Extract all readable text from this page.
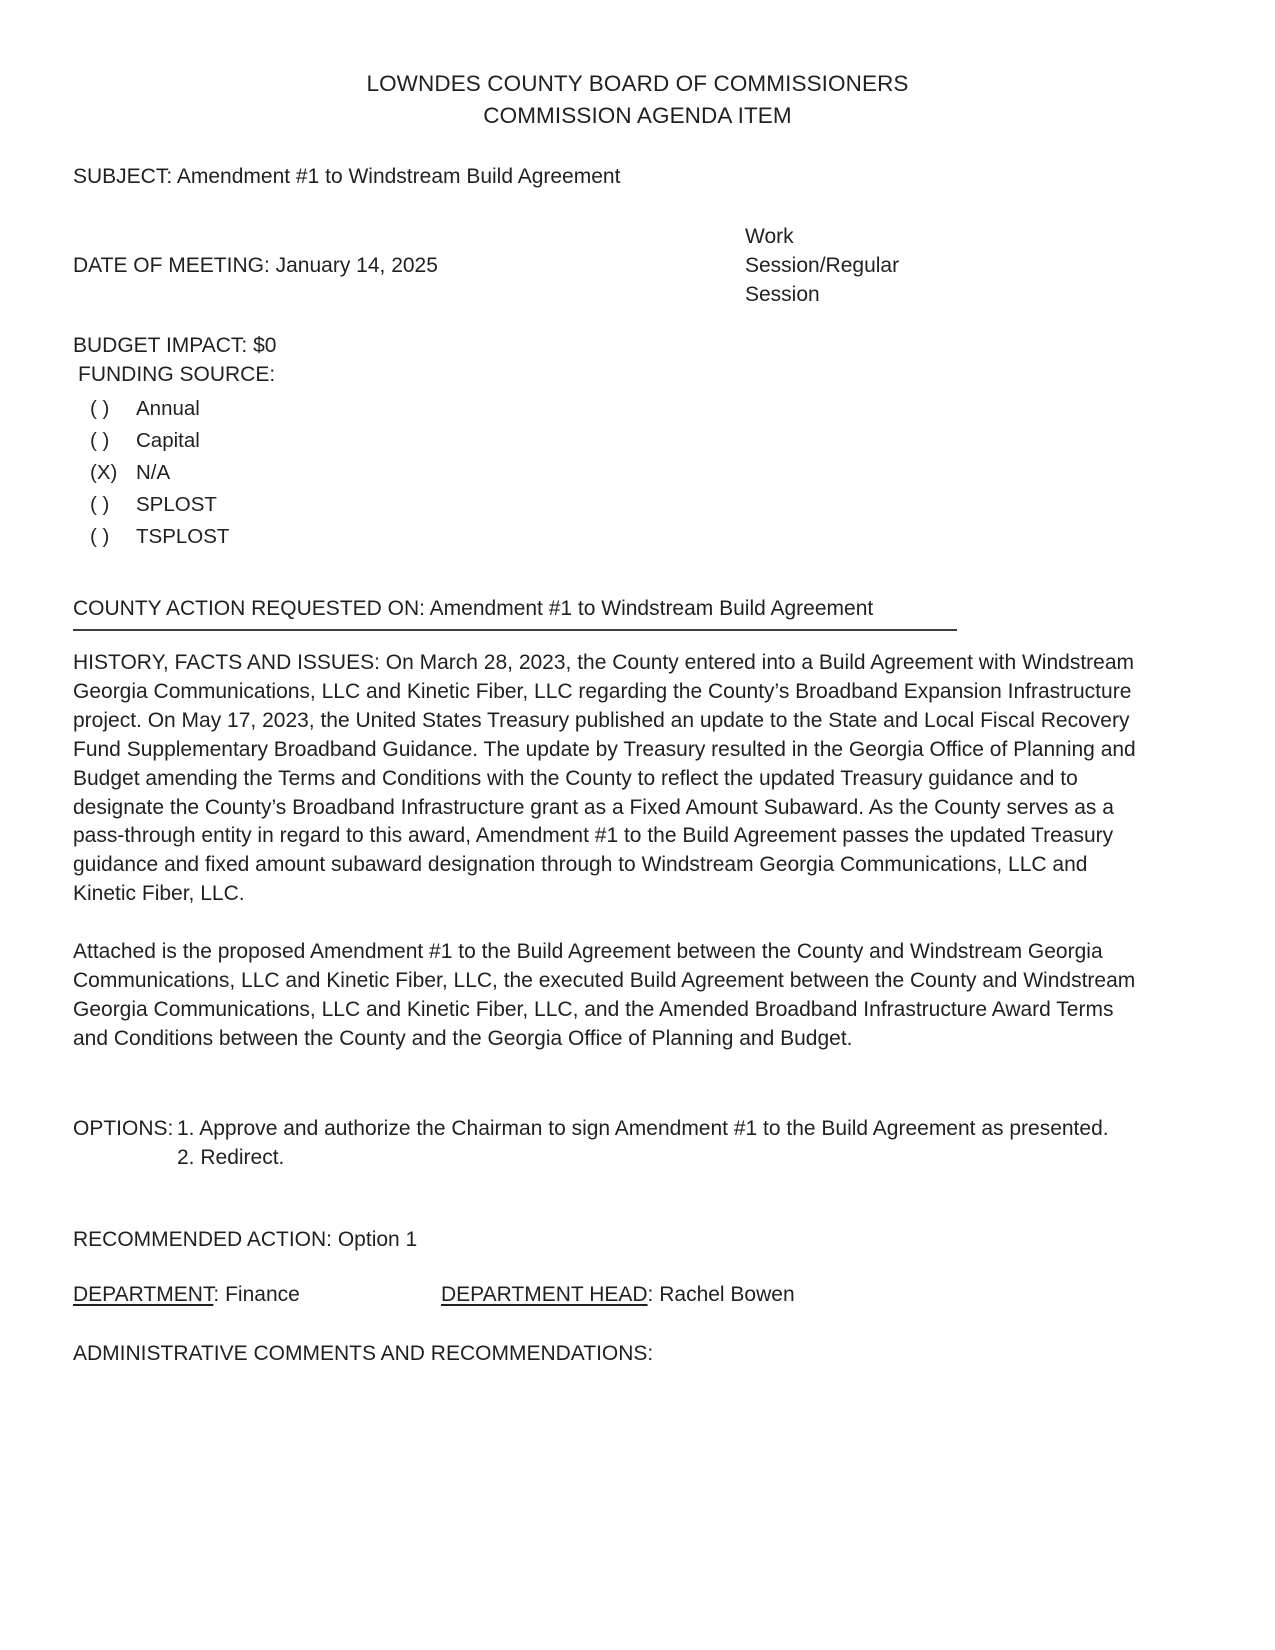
LOWNDES COUNTY BOARD OF COMMISSIONERS
COMMISSION AGENDA ITEM
SUBJECT: Amendment #1 to Windstream Build Agreement
DATE OF MEETING: January 14, 2025
Work
Session/Regular
Session
BUDGET IMPACT: $0
FUNDING SOURCE:
( )	Annual
( )	Capital
(X) N/A
( )	SPLOST
( )	TSPLOST
COUNTY ACTION REQUESTED ON: Amendment #1 to Windstream Build Agreement
HISTORY, FACTS AND ISSUES: On March 28, 2023, the County entered into a Build Agreement with Windstream Georgia Communications, LLC and Kinetic Fiber, LLC regarding the County’s Broadband Expansion Infrastructure project. On May 17, 2023, the United States Treasury published an update to the State and Local Fiscal Recovery Fund Supplementary Broadband Guidance. The update by Treasury resulted in the Georgia Office of Planning and Budget amending the Terms and Conditions with the County to reflect the updated Treasury guidance and to designate the County’s Broadband Infrastructure grant as a Fixed Amount Subaward. As the County serves as a pass-through entity in regard to this award, Amendment #1 to the Build Agreement passes the updated Treasury guidance and fixed amount subaward designation through to Windstream Georgia Communications, LLC and Kinetic Fiber, LLC.
Attached is the proposed Amendment #1 to the Build Agreement between the County and Windstream Georgia Communications, LLC and Kinetic Fiber, LLC, the executed Build Agreement between the County and Windstream Georgia Communications, LLC and Kinetic Fiber, LLC, and the Amended Broadband Infrastructure Award Terms and Conditions between the County and the Georgia Office of Planning and Budget.
OPTIONS: 1. Approve and authorize the Chairman to sign Amendment #1 to the Build Agreement as presented.
2. Redirect.
RECOMMENDED ACTION: Option 1
DEPARTMENT: Finance	DEPARTMENT HEAD: Rachel Bowen
ADMINISTRATIVE COMMENTS AND RECOMMENDATIONS:
